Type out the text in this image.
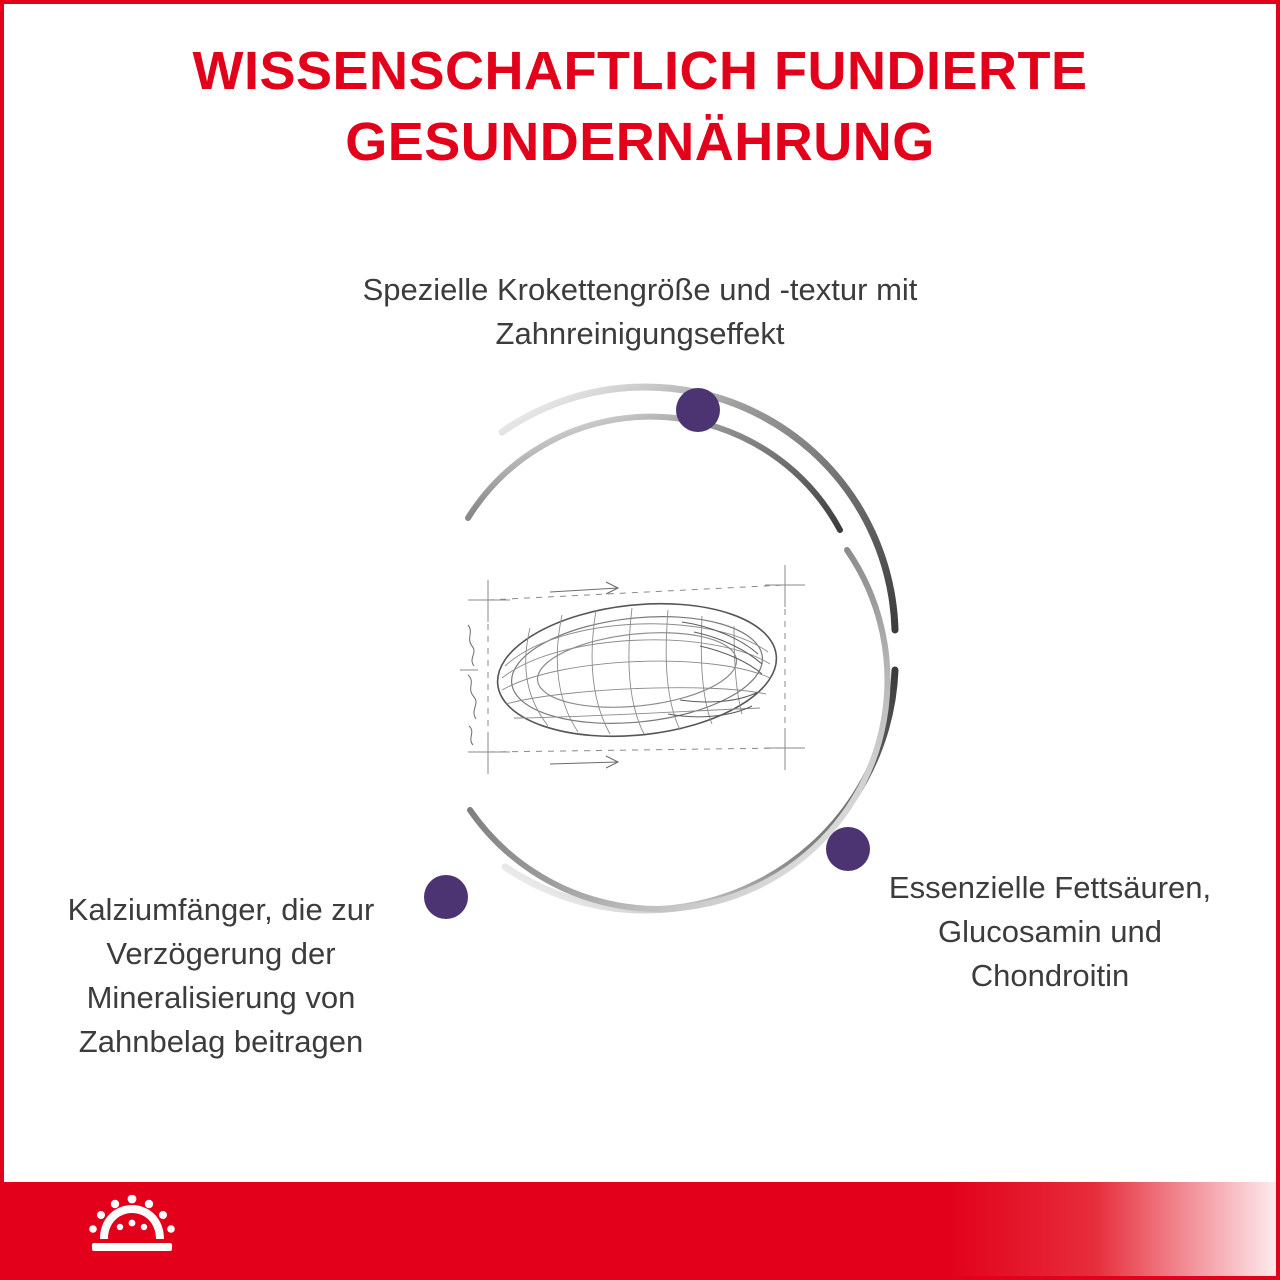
WISSENSCHAFTLICH FUNDIERTE
GESUNDERNÄHRUNG
Spezielle Krokettengröße und -textur mit Zahnreinigungseffekt
Kalziumfänger, die zur Verzögerung der Mineralisierung von Zahnbelag beitragen
Essenzielle Fettsäuren, Glucosamin und Chondroitin
